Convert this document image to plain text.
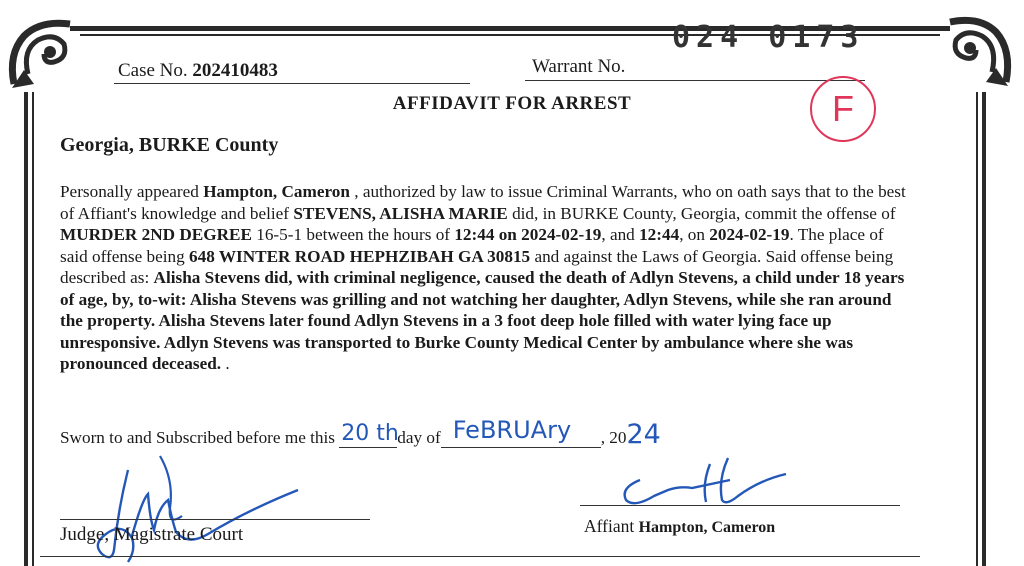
Case No. 202410483	Warrant No.
024 0173
AFFIDAVIT FOR ARREST	F
Georgia, BURKE County
Personally appeared Hampton, Cameron , authorized by law to issue Criminal Warrants, who on oath says that to the best
of Affiant's knowledge and belief STEVENS, ALISHA MARIE did, in BURKE County, Georgia, commit the offense of
MURDER 2ND DEGREE 16-5-1 between the hours of 12:44 on 2024-02-19, and 12:44, on 2024-02-19. The place of
said offense being 648 WINTER ROAD HEPHZIBAH GA 30815 and against the Laws of Georgia. Said offense being
described as: Alisha Stevens did, with criminal negligence, caused the death of Adlyn Stevens, a child under 18 years
of age, by, to-wit: Alisha Stevens was grilling and not watching her daughter, Adlyn Stevens, while she ran around
the property. Alisha Stevens later found Adlyn Stevens in a 3 foot deep hole filled with water lying face up
unresponsive. Adlyn Stevens was transported to Burke County Medical Center by ambulance where she was
pronounced deceased. .
Sworn to and Subscribed before me this 20 th
day of FeBRUAry , 20 24
Judge, Magistrate Court	Affiant Hampton, Cameron
